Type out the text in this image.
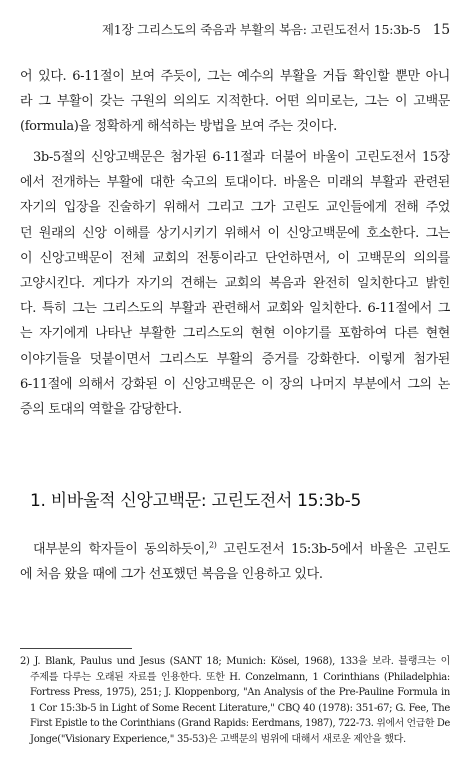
제1장 그리스도의 죽음과 부활의 복음: 고린도전서 15:3b-5 15
어 있다. 6-11절이 보여 주듯이, 그는 예수의 부활을 거듭 확인할 뿐만 아니
라 그 부활이 갖는 구원의 의의도 지적한다. 어떤 의미로는, 그는 이 고백문
(formula)을 정확하게 해석하는 방법을 보여 주는 것이다.
3b-5절의 신앙고백문은 첨가된 6-11절과 더불어 바울이 고린도전서 15장
에서 전개하는 부활에 대한 숙고의 토대이다. 바울은 미래의 부활과 관련된
자기의 입장을 진술하기 위해서 그리고 그가 고린도 교인들에게 전해 주었
던 원래의 신앙 이해를 상기시키기 위해서 이 신앙고백문에 호소한다. 그는
이 신앙고백문이 전체 교회의 전통이라고 단언하면서, 이 고백문의 의의를
고양시킨다. 게다가 자기의 견해는 교회의 복음과 완전히 일치한다고 밝힌
다. 특히 그는 그리스도의 부활과 관련해서 교회와 일치한다. 6-11절에서 그
는 자기에게 나타난 부활한 그리스도의 현현 이야기를 포함하여 다른 현현
이야기들을 덧붙이면서 그리스도 부활의 증거를 강화한다. 이렇게 첨가된
6-11절에 의해서 강화된 이 신앙고백문은 이 장의 나머지 부분에서 그의 논
증의 토대의 역할을 감당한다.
1. 비바울적 신앙고백문: 고린도전서 15:3b-5
대부분의 학자들이 동의하듯이,$^{2)}$ 고린도전서 15:3b-5에서 바울은 고린도
에 처음 왔을 때에 그가 선포했던 복음을 인용하고 있다.
2) J. Blank, Paulus und Jesus (SANT 18; Munich: Kösel, 1968), 133을 보라. 블랭크는 이
주제를 다루는 오래된 자료를 인용한다. 또한 H. Conzelmann, 1 Corinthians (Philadelphia:
Fortress Press, 1975), 251; J. Kloppenborg, "An Analysis of the Pre-Pauline Formula in
1 Cor 15:3b-5 in Light of Some Recent Literature," CBQ 40 (1978): 351-67; G. Fee, The
First Epistle to the Corinthians (Grand Rapids: Eerdmans, 1987), 722-73. 위에서 언급한 De
Jonge("Visionary Experience," 35-53)은 고백문의 범위에 대해서 새로운 제안을 했다.
